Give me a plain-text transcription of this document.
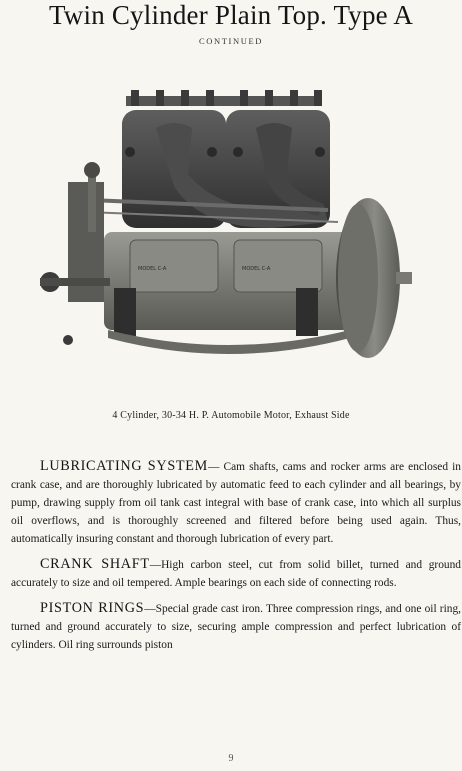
Twin Cylinder Plain Top. Type A
CONTINUED
MODEL C-A	MODEL C-A
4 Cylinder, 30-34 H. P. Automobile Motor, Exhaust Side

LUBRICATING SYSTEM— Cam shafts, cams and rocker arms are enclosed in crank case, and are thoroughly lubricated by automatic feed to each cylinder and all bearings, by pump, drawing supply from oil tank cast integral with base of crank case, into which all surplus oil overflows, and is thoroughly screened and filtered before being used again. Thus, automatically insuring constant and thorough lubrication of every part.

CRANK SHAFT—High carbon steel, cut from solid billet, turned and ground accurately to size and oil tempered. Ample bearings on each side of connecting rods.

PISTON RINGS—Special grade cast iron. Three compression rings, and one oil ring, turned and ground accurately to size, securing ample compression and perfect lubrication of cylinders. Oil ring surrounds piston

9
